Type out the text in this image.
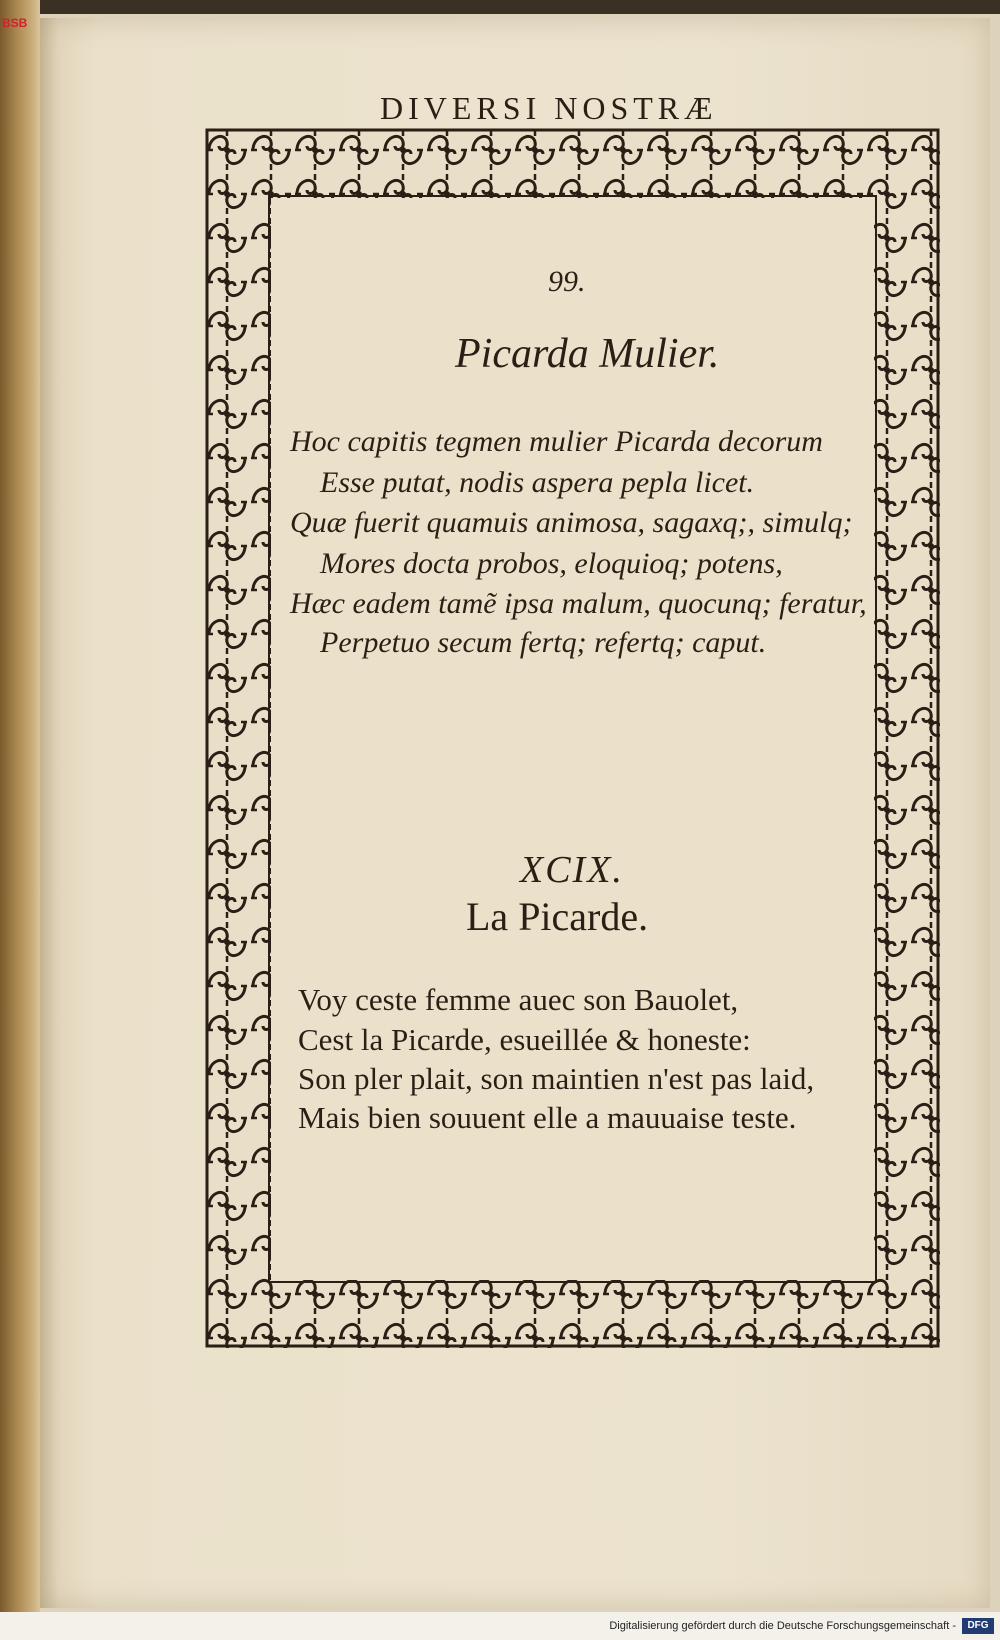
BSB
DIVERSI NOSTRÆ
99.
Picarda Mulier.
Hoc capitis tegmen mulier Picarda decorum
Esse putat, nodis aspera pepla licet.
Quæ fuerit quamuis animosa, sagaxq;, simulq;
Mores docta probos, eloquioq; potens,
Hæc eadem tamẽ ipsa malum, quocunq; feratur,
Perpetuo secum fertq; refertq; caput.
XCIX.
La Picarde.
Voy ceste femme auec son Bauolet,
Cest la Picarde, esueillée & honeste:
Son pler plait, son maintien n'est pas laid,
Mais bien souuent elle a mauuaise teste.
Digitalisierung gefördert durch die Deutsche Forschungsgemeinschaft -	DFG
